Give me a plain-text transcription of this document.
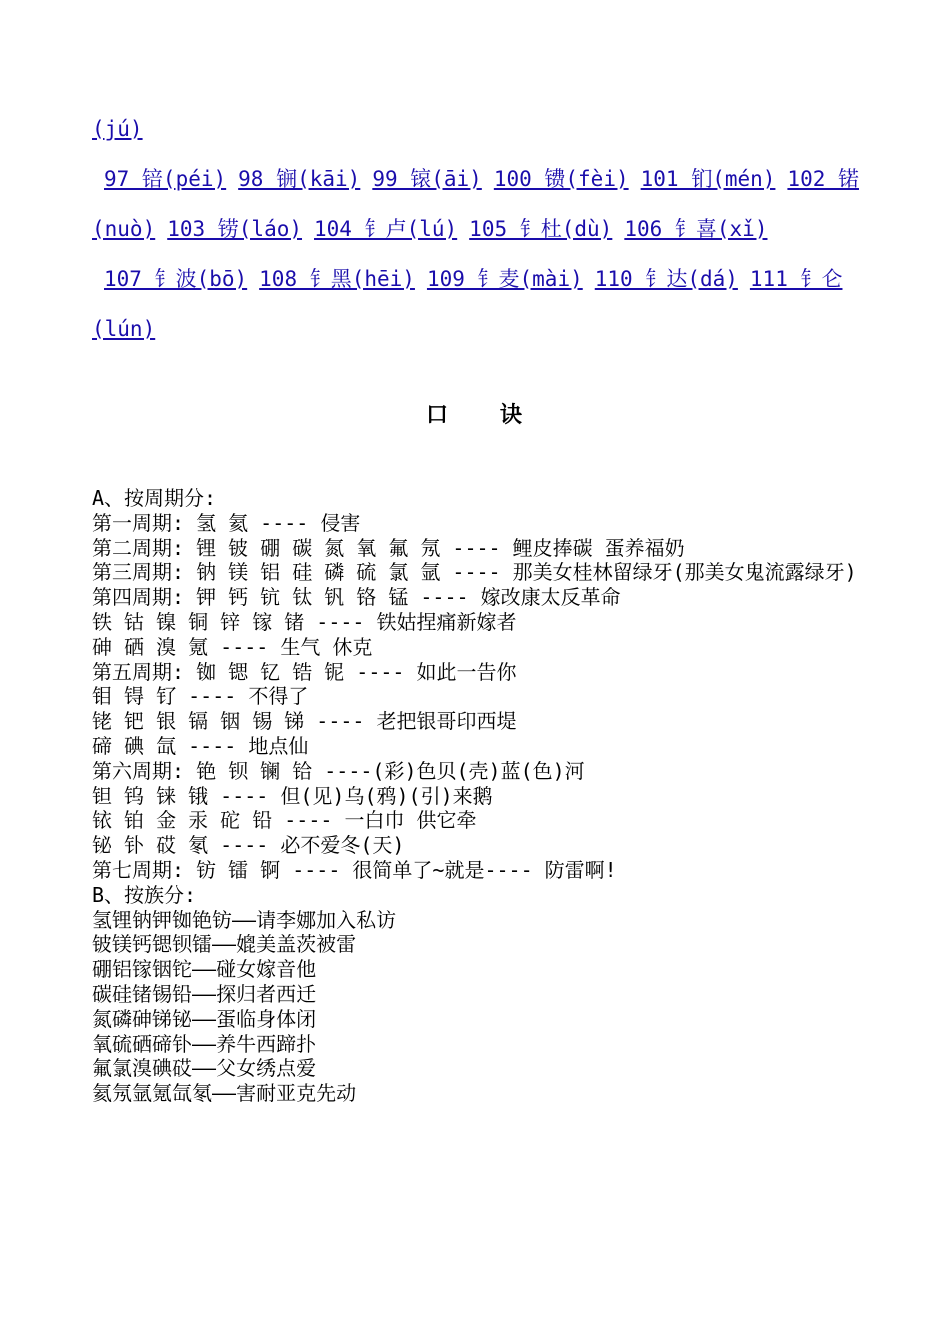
(jú)
97 锫(péi) 98 锎(kāi) 99 锿(āi) 100 镄(fèi) 101 钔(mén) 102 锘
(nuò) 103 铹(láo) 104 钅卢(lú) 105 钅杜(dù) 106 钅喜(xǐ)
107 钅波(bō) 108 钅黑(hēi) 109 钅麦(mài) 110 钅达(dá) 111 钅仑
(lún)
口 诀
A、按周期分:
第一周期: 氢 氦 ---- 侵害
第二周期: 锂 铍 硼 碳 氮 氧 氟 氖 ---- 鲤皮捧碳 蛋养福奶
第三周期: 钠 镁 铝 硅 磷 硫 氯 氩 ---- 那美女桂林留绿牙(那美女鬼流露绿牙)
第四周期: 钾 钙 钪 钛 钒 铬 锰 ---- 嫁改康太反革命
铁 钴 镍 铜 锌 镓 锗 ---- 铁姑捏痛新嫁者
砷 硒 溴 氪 ---- 生气 休克
第五周期: 铷 锶 钇 锆 铌 ---- 如此一告你
钼 锝 钌 ---- 不得了
铑 钯 银 镉 铟 锡 锑 ---- 老把银哥印西堤
碲 碘 氙 ---- 地点仙
第六周期: 铯 钡 镧 铪 ----(彩)色贝(壳)蓝(色)河
钽 钨 铼 锇 ---- 但(见)乌(鸦)(引)来鹅
铱 铂 金 汞 砣 铅 ---- 一白巾 供它牵
铋 钋 砹 氡 ---- 必不爱冬(天)
第七周期: 钫 镭 锕 ---- 很简单了~就是---- 防雷啊!
B、按族分:
氢锂钠钾铷铯钫——请李娜加入私访
铍镁钙锶钡镭——媲美盖茨被雷
硼铝镓铟铊——碰女嫁音他
碳硅锗锡铅——探归者西迁
氮磷砷锑铋——蛋临身体闭
氧硫硒碲钋——养牛西蹄扑
氟氯溴碘砹——父女绣点爱
氦氖氩氪氙氡——害耐亚克先动
